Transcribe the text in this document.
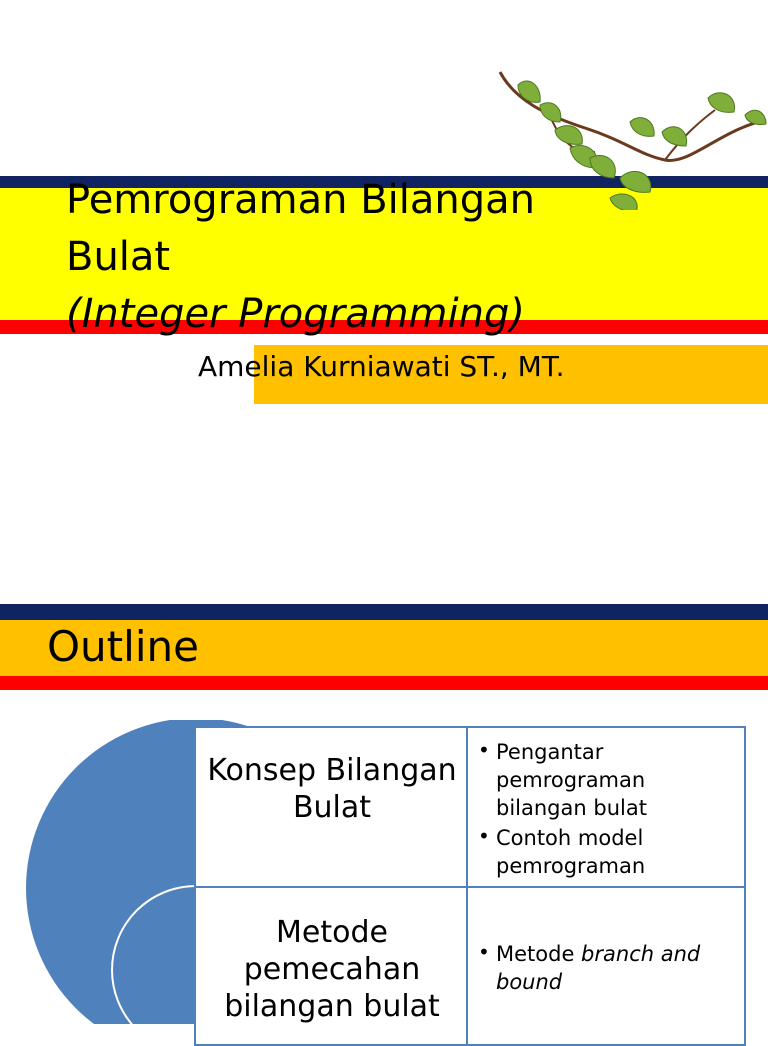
Pemrograman Bilangan
Bulat
(Integer Programming)
Amelia Kurniawati ST., MT.
Outline
Konsep Bilangan Bulat
• Pengantar pemrograman bilangan bulat
• Contoh model pemrograman
Metode pemecahan bilangan bulat
• Metode branch and bound
